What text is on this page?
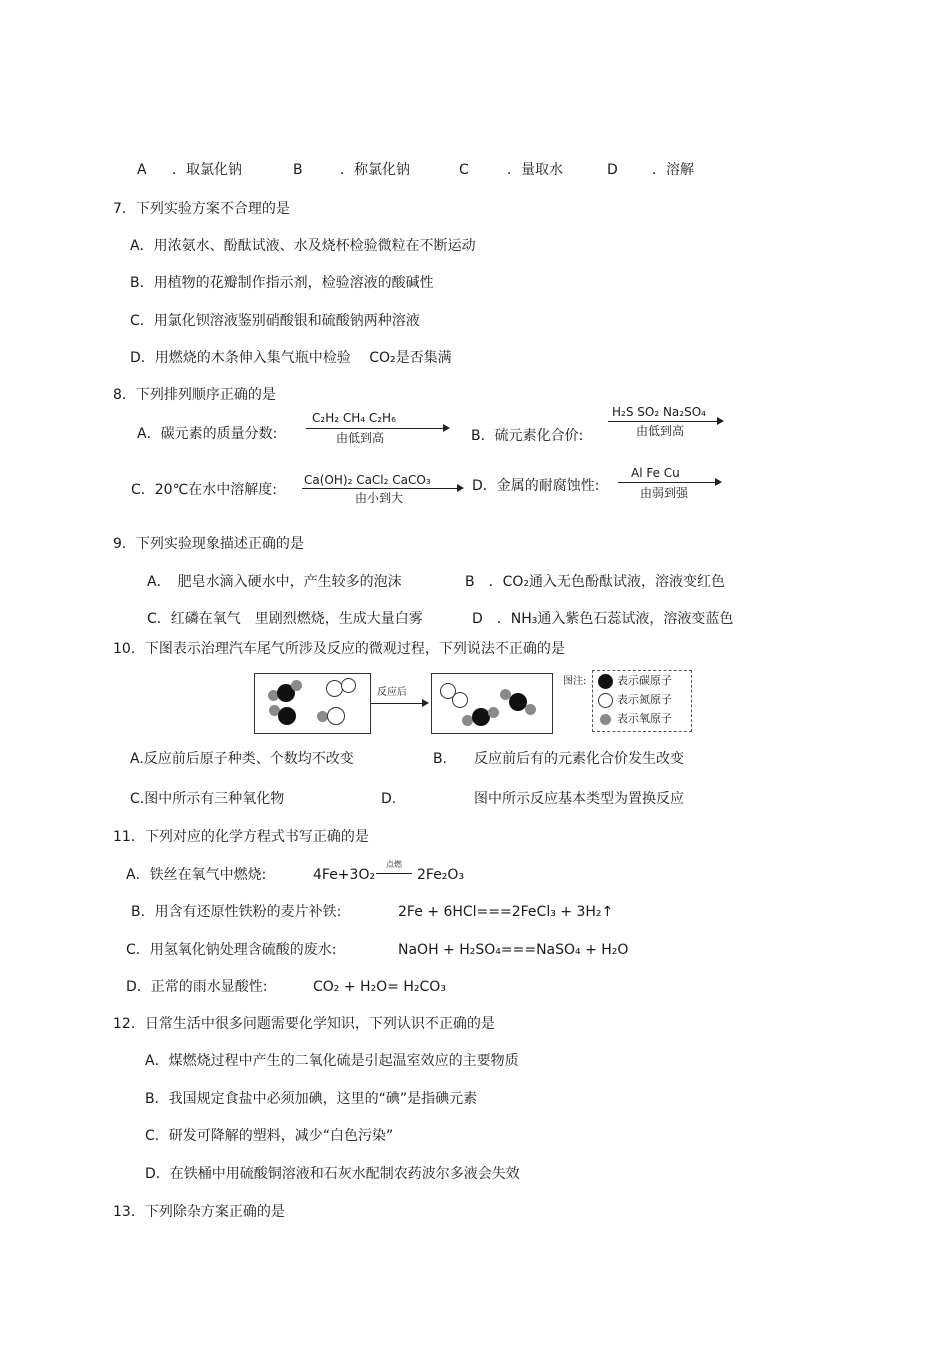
A ．取氯化钠	B	．称氯化钠	C	．量取水	D ．溶解
7．下列实验方案不合理的是
A．用浓氨水、酚酞试液、水及烧杯检验微粒在不断运动
B．用植物的花瓣制作指示剂，检验溶液的酸碱性
C．用氯化钡溶液鉴别硝酸银和硫酸钠两种溶液
D．用燃烧的木条伸入集气瓶中检验　 CO₂是否集满
8．下列排列顺序正确的是
A．碳元素的质量分数:
C₂H₂ CH₄ C₂H₆
由低到高	B．硫元素化合价:
H₂S SO₂ Na₂SO₄
由低到高
C．20℃在水中溶解度:
Ca(OH)₂ CaCl₂ CaCO₃
由小到大
D．金属的耐腐蚀性:
Al Fe Cu
由弱到强
9．下列实验现象描述正确的是
A．　肥皂水滴入硬水中，产生较多的泡沫	B　．CO₂通入无色酚酞试液，溶液变红色
C．红磷在氧气　里剧烈燃烧，生成大量白雾	D　．NH₃通入紫色石蕊试液，溶液变蓝色
10．下图表示治理汽车尾气所涉及反应的微观过程，下列说法不正确的是
反应后
图注:	表示碳原子
表示氮原子
表示氧原子
A.反应前后原子种类、个数均不改变	B. 反应前后有的元素化合价发生改变
C.图中所示有三种氧化物	D.	图中所示反应基本类型为置换反应
11．下列对应的化学方程式书写正确的是
A．铁丝在氧气中燃烧:	4Fe+3O₂
点燃
2Fe₂O₃
B．用含有还原性铁粉的麦片补铁:	2Fe + 6HCl===2FeCl₃ + 3H₂↑
C．用氢氧化钠处理含硫酸的废水:	NaOH + H₂SO₄===NaSO₄ + H₂O
D．正常的雨水显酸性:	CO₂ + H₂O= H₂CO₃
12．日常生活中很多问题需要化学知识，下列认识不正确的是
A．煤燃烧过程中产生的二氧化硫是引起温室效应的主要物质
B．我国规定食盐中必须加碘，这里的“碘”是指碘元素
C．研发可降解的塑料，减少“白色污染”
D．在铁桶中用硫酸铜溶液和石灰水配制农药波尔多液会失效
13．下列除杂方案正确的是
